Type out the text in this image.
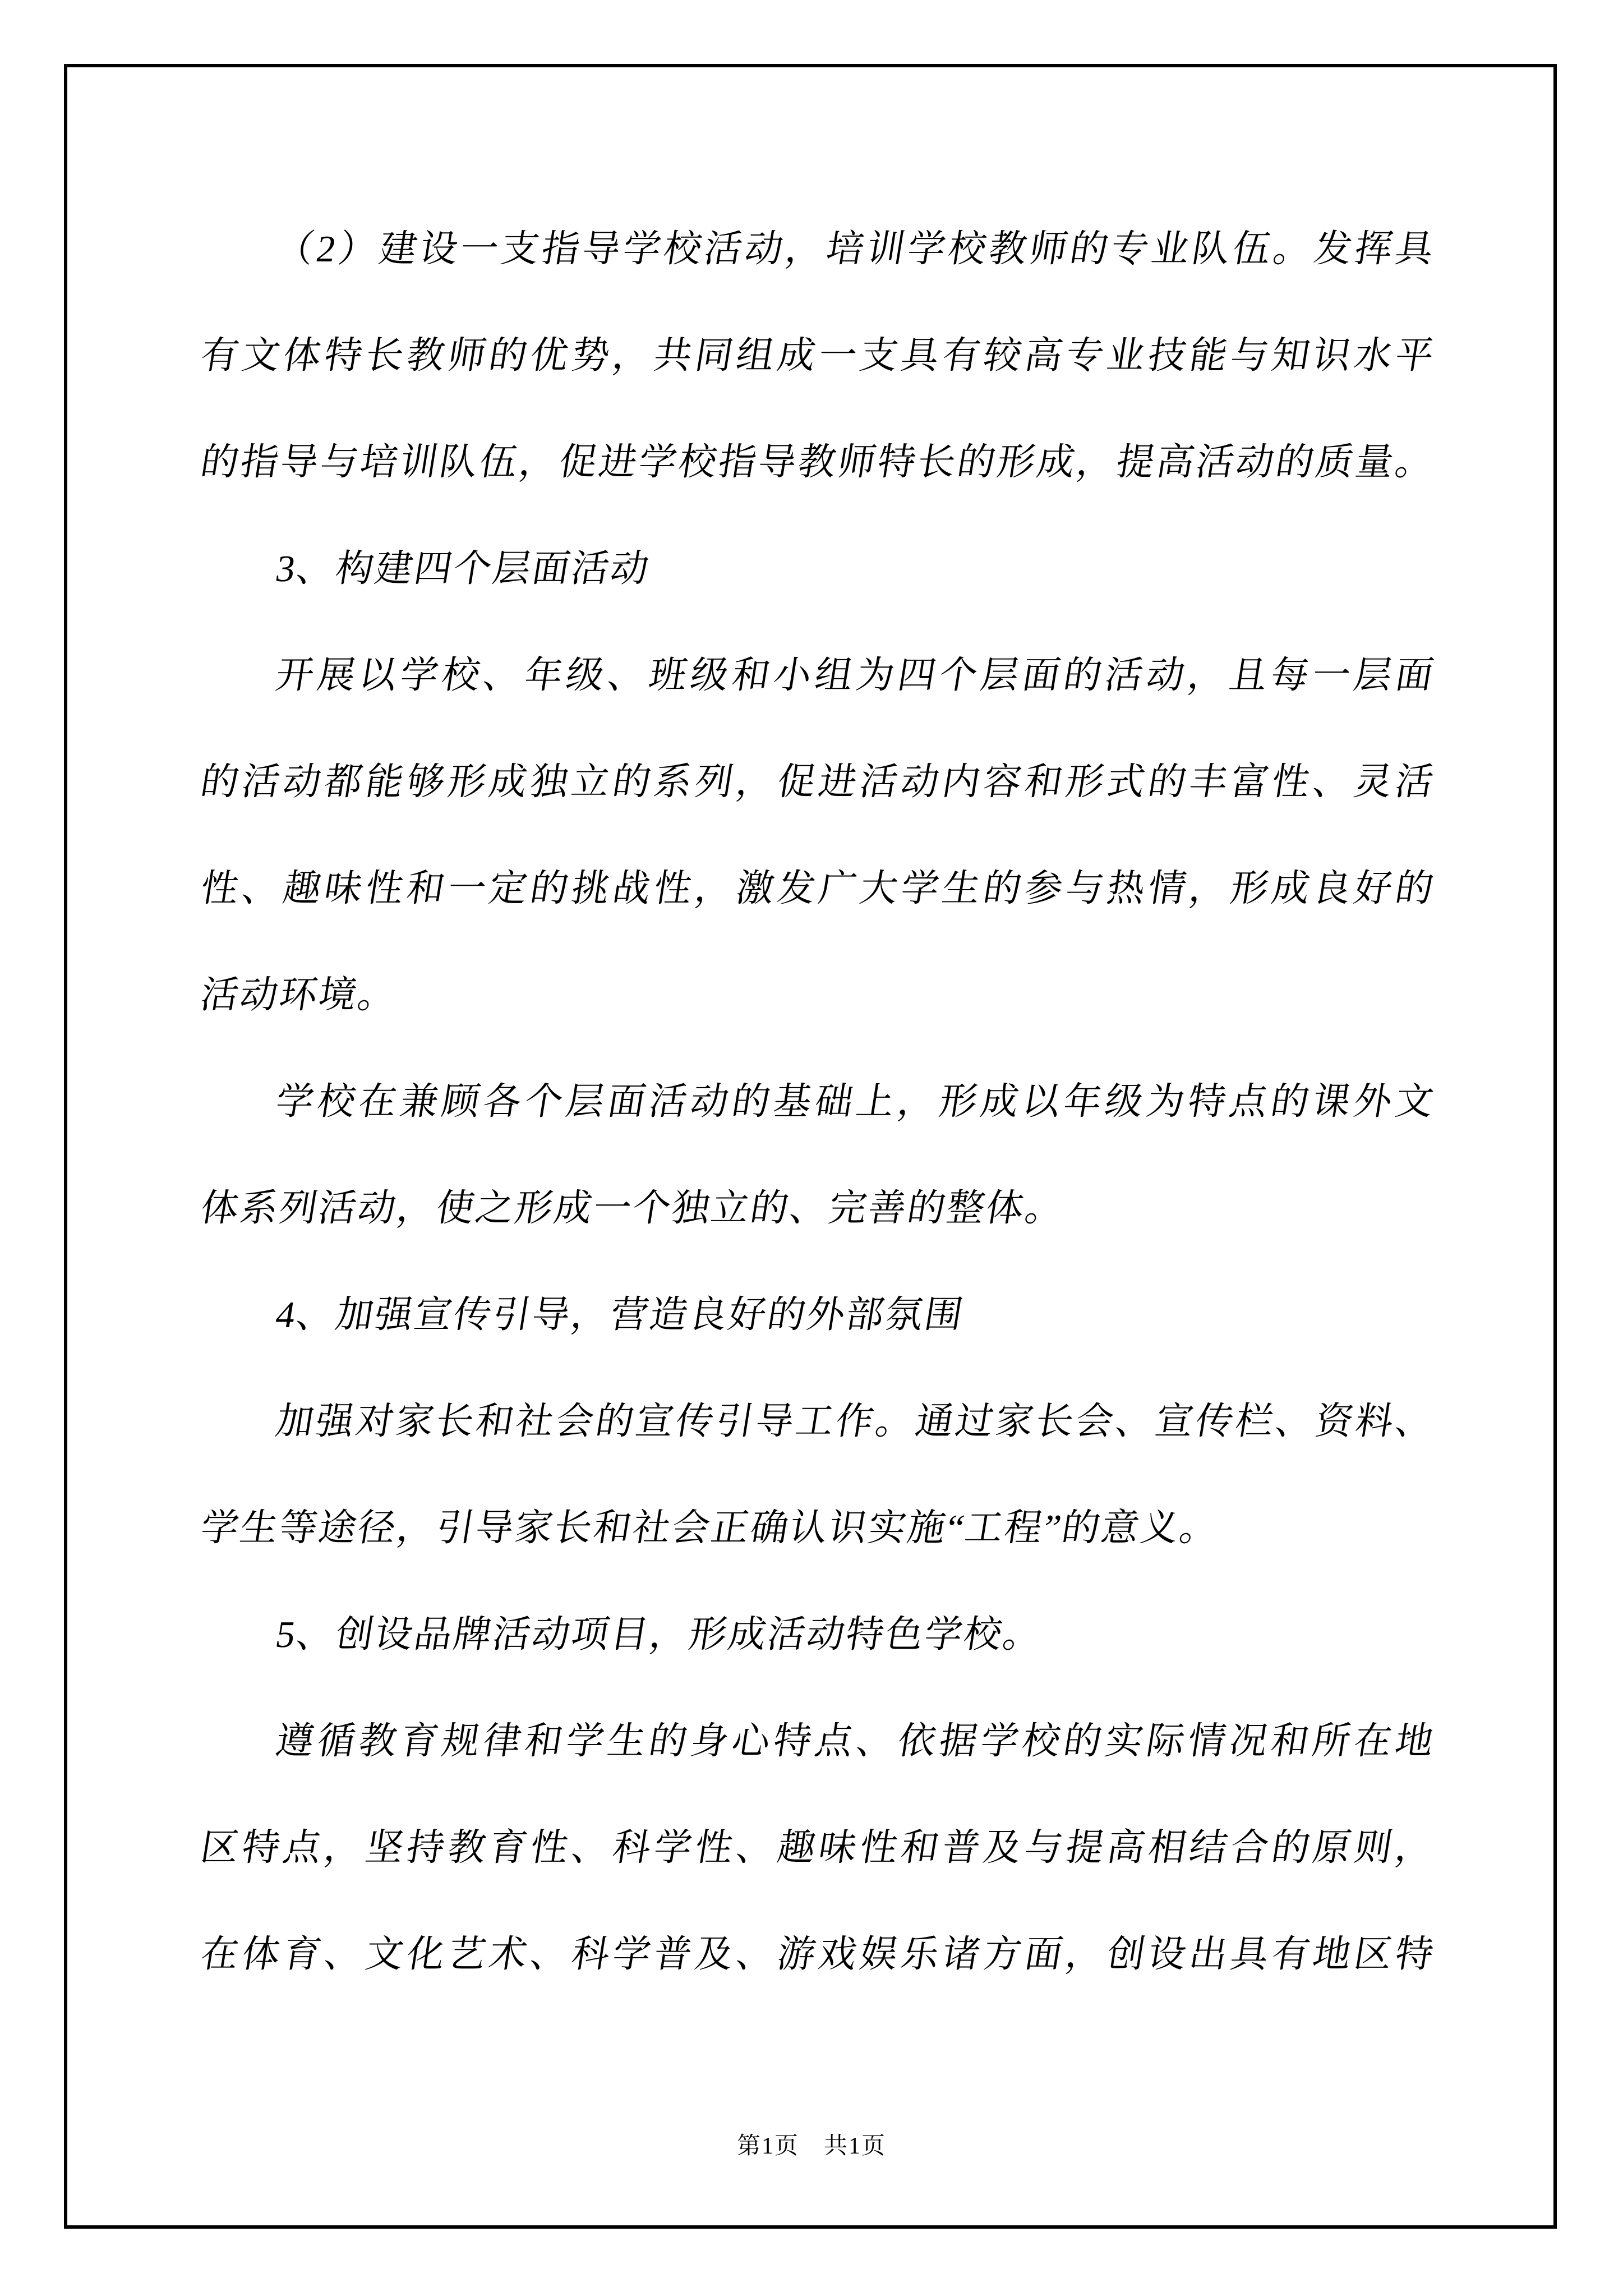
（2）建设一支指导学校活动，培训学校教师的专业队伍。发挥具
有文体特长教师的优势，共同组成一支具有较高专业技能与知识水平
的指导与培训队伍，促进学校指导教师特长的形成，提高活动的质量。
3、构建四个层面活动
开展以学校、年级、班级和小组为四个层面的活动，且每一层面
的活动都能够形成独立的系列，促进活动内容和形式的丰富性、灵活
性、趣味性和一定的挑战性，激发广大学生的参与热情，形成良好的
活动环境。
学校在兼顾各个层面活动的基础上，形成以年级为特点的课外文
体系列活动，使之形成一个独立的、完善的整体。
4、加强宣传引导，营造良好的外部氛围
加强对家长和社会的宣传引导工作。通过家长会、宣传栏、资料、
学生等途径，引导家长和社会正确认识实施“工程”的意义。
5、创设品牌活动项目，形成活动特色学校。
遵循教育规律和学生的身心特点、依据学校的实际情况和所在地
区特点，坚持教育性、科学性、趣味性和普及与提高相结合的原则，
在体育、文化艺术、科学普及、游戏娱乐诸方面，创设出具有地区特
第1页　共1页
